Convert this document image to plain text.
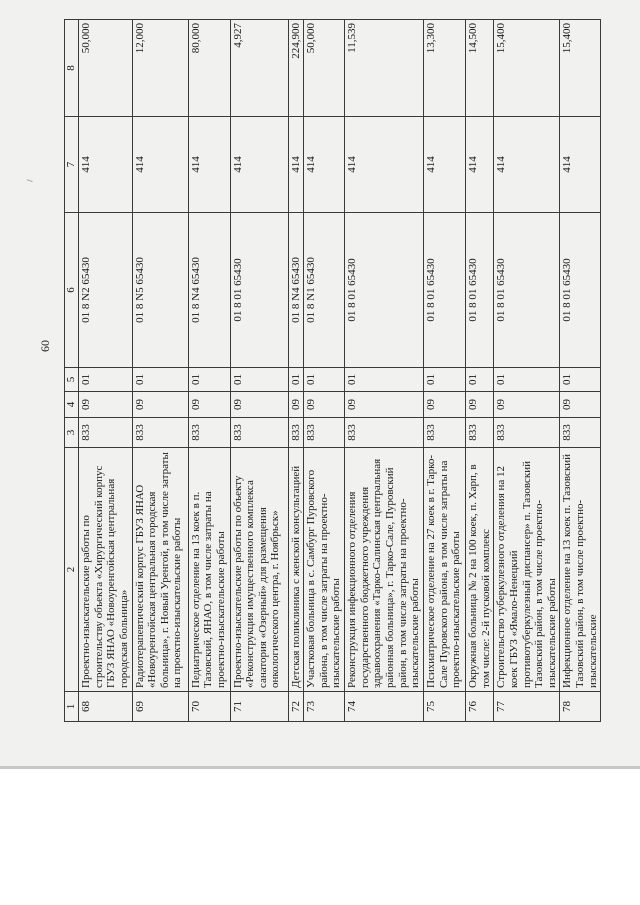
60
1	2	3	4	5	6	7	8
68	Проектно-изыскательские работы по строительству объекта «Хирургический корпус ГБУЗ ЯНАО «Новоуренгойская центральная городская больница»	833	09	01	01 8 N2 65430	414	50,000
69	Радиотерапевтический корпус ГБУЗ ЯНАО «Новоуренгойская центральная городская больница», г. Новый Уренгой, в том числе затраты на проектно-изыскательские работы	833	09	01	01 8 N5 65430	414	12,000
70	Педиатрическое отделение на 13 коек в п. Тазовский, ЯНАО, в том числе затраты на проектно-изыскательские работы	833	09	01	01 8 N4 65430	414	80,000
71	Проектно-изыскательские работы по объекту «Реконструкция имущественного комплекса санатория «Озерный» для размещения онкологического центра, г. Ноябрьск»	833	09	01	01 8 01 65430	414	4,927
72	Детская поликлиника с женской консультацией	833	09	01	01 8 N4 65430	414	224,900
73	Участковая больница в с. Самбург Пуровского района, в том числе затраты на проектно-изыскательские работы	833	09	01	01 8 N1 65430	414	50,000
74	Реконструкция инфекционного отделения государственного бюджетного учреждения здравоохранения «Тарко-Салинская центральная районная больница», г. Тарко-Сале, Пуровский район, в том числе затраты на проектно-изыскательские работы	833	09	01	01 8 01 65430	414	11,539
75	Психиатрическое отделение на 27 коек в г. Тарко-Сале Пуровского района, в том числе затраты на проектно-изыскательские работы	833	09	01	01 8 01 65430	414	13,300
76	Окружная больница № 2 на 100 коек, п. Харп, в том числе: 2-й пусковой комплекс	833	09	01	01 8 01 65430	414	14,500
77	Строительство туберкулезного отделения на 12 коек ГБУЗ «Ямало-Ненецкий противотуберкулезный диспансер» п. Тазовский Тазовский район, в том числе проектно-изыскательские работы	833	09	01	01 8 01 65430	414	15,400
78	Инфекционное отделение на 13 коек п. Тазовский Тазовский район, в том числе проектно-изыскательские	833	09	01	01 8 01 65430	414	15,400
